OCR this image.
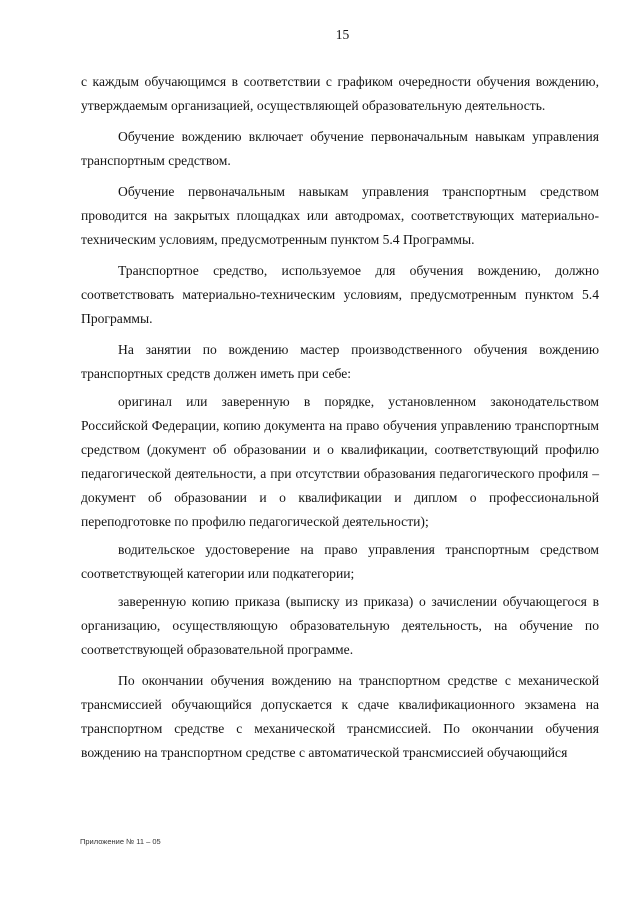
15

с каждым обучающимся в соответствии с графиком очередности обучения вождению, утверждаемым организацией, осуществляющей образовательную деятельность.

Обучение вождению включает обучение первоначальным навыкам управления транспортным средством.

Обучение первоначальным навыкам управления транспортным средством проводится на закрытых площадках или автодромах, соответствующих материально-техническим условиям, предусмотренным пунктом 5.4 Программы.

Транспортное средство, используемое для обучения вождению, должно соответствовать материально-техническим условиям, предусмотренным пунктом 5.4 Программы.

На занятии по вождению мастер производственного обучения вождению транспортных средств должен иметь при себе:

оригинал или заверенную в порядке, установленном законодательством Российской Федерации, копию документа на право обучения управлению транспортным средством (документ об образовании и о квалификации, соответствующий профилю педагогической деятельности, а при отсутствии образования педагогического профиля – документ об образовании и о квалификации и диплом о профессиональной переподготовке по профилю педагогической деятельности);

водительское удостоверение на право управления транспортным средством соответствующей категории или подкатегории;

заверенную копию приказа (выписку из приказа) о зачислении обучающегося в организацию, осуществляющую образовательную деятельность, на обучение по соответствующей образовательной программе.

По окончании обучения вождению на транспортном средстве с механической трансмиссией обучающийся допускается к сдаче квалификационного экзамена на транспортном средстве с механической трансмиссией. По окончании обучения вождению на транспортном средстве с автоматической трансмиссией обучающийся

Приложение № 11 – 05
